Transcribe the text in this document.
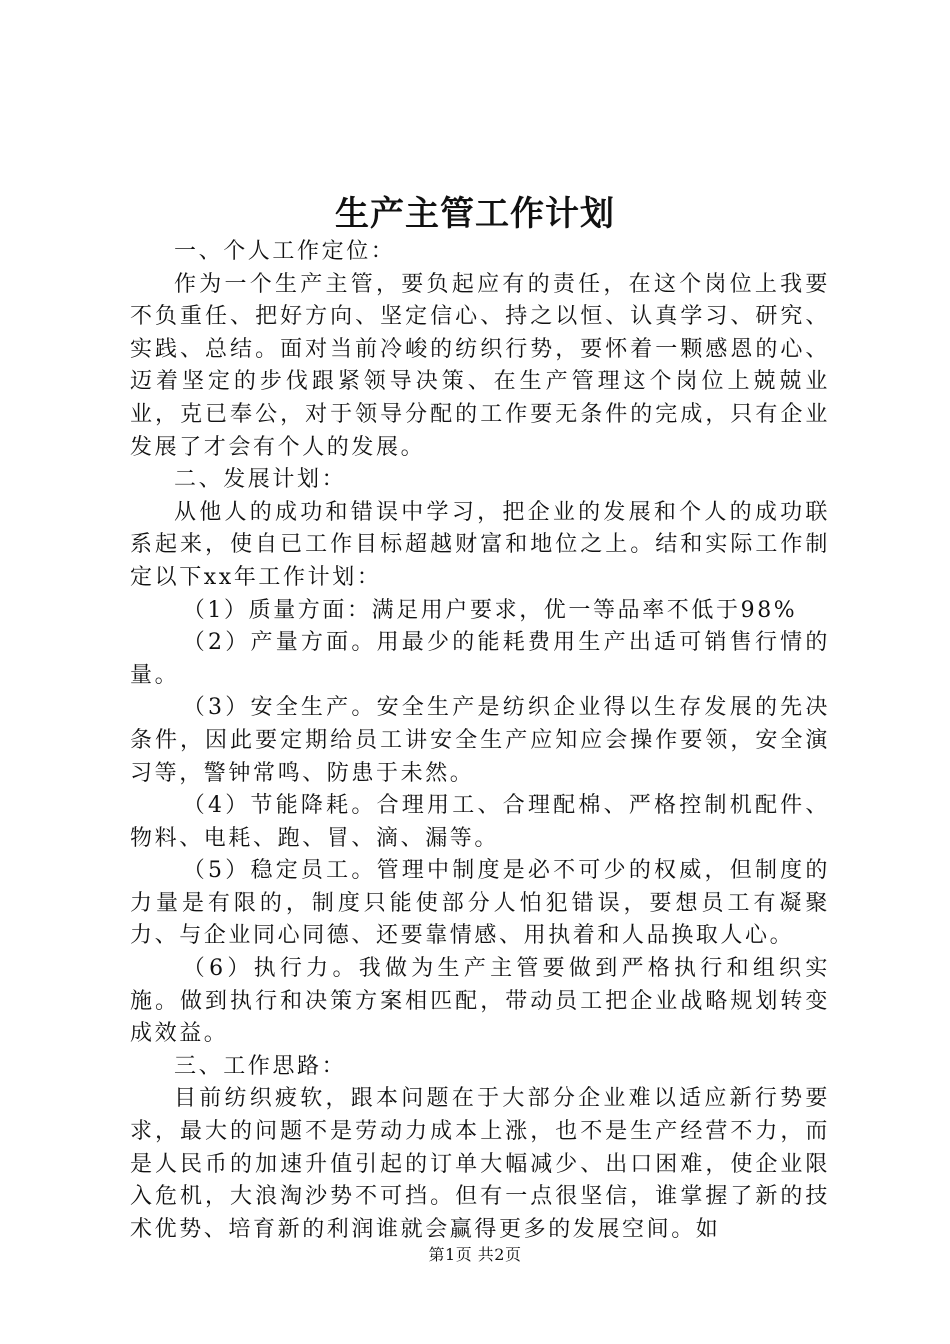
生产主管工作计划

一、个人工作定位：

作为一个生产主管，要负起应有的责任，在这个岗位上我要不负重任、把好方向、坚定信心、持之以恒、认真学习、研究、实践、总结。面对当前冷峻的纺织行势，要怀着一颗感恩的心、迈着坚定的步伐跟紧领导决策、在生产管理这个岗位上兢兢业业，克已奉公，对于领导分配的工作要无条件的完成，只有企业发展了才会有个人的发展。

二、发展计划：

从他人的成功和错误中学习，把企业的发展和个人的成功联系起来，使自已工作目标超越财富和地位之上。结和实际工作制定以下xx年工作计划：

（1）质量方面：满足用户要求，优一等品率不低于98%

（2）产量方面。用最少的能耗费用生产出适可销售行情的量。

（3）安全生产。安全生产是纺织企业得以生存发展的先决条件，因此要定期给员工讲安全生产应知应会操作要领，安全演习等，警钟常鸣、防患于未然。

（4）节能降耗。合理用工、合理配棉、严格控制机配件、物料、电耗、跑、冒、滴、漏等。

（5）稳定员工。管理中制度是必不可少的权威，但制度的力量是有限的，制度只能使部分人怕犯错误，要想员工有凝聚力、与企业同心同德、还要靠情感、用执着和人品换取人心。

（6）执行力。我做为生产主管要做到严格执行和组织实施。做到执行和决策方案相匹配，带动员工把企业战略规划转变成效益。

三、工作思路：

目前纺织疲软，跟本问题在于大部分企业难以适应新行势要求，最大的问题不是劳动力成本上涨，也不是生产经营不力，而是人民币的加速升值引起的订单大幅减少、出口困难，使企业限入危机，大浪淘沙势不可挡。但有一点很坚信，谁掌握了新的技术优势、培育新的利润谁就会赢得更多的发展空间。如

第1页 共2页
